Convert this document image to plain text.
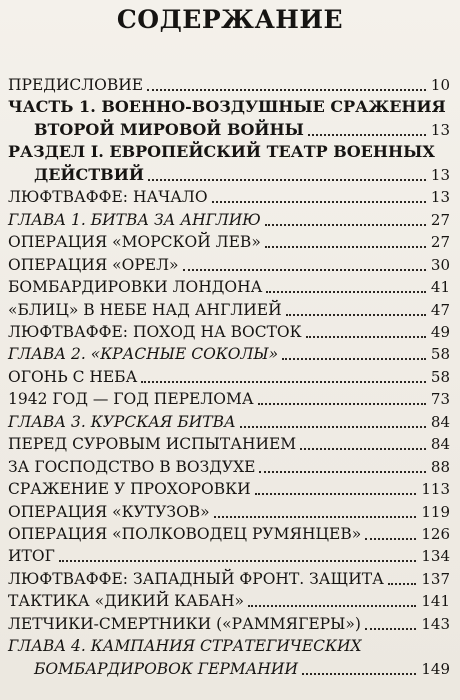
СОДЕРЖАНИЕ
ПРЕДИСЛОВИЕ	10
ЧАСТЬ 1. ВОЕННО-ВОЗДУШНЫЕ СРАЖЕНИЯ
ВТОРОЙ МИРОВОЙ ВОЙНЫ	13
РАЗДЕЛ I. ЕВРОПЕЙСКИЙ ТЕАТР ВОЕННЫХ
ДЕЙСТВИЙ	13
ЛЮФТВАФФЕ: НАЧАЛО	13
ГЛАВА 1. БИТВА ЗА АНГЛИЮ	27
ОПЕРАЦИЯ «МОРСКОЙ ЛЕВ»	27
ОПЕРАЦИЯ «ОРЕЛ»	30
БОМБАРДИРОВКИ ЛОНДОНА	41
«БЛИЦ» В НЕБЕ НАД АНГЛИЕЙ	47
ЛЮФТВАФФЕ: ПОХОД НА ВОСТОК	49
ГЛАВА 2. «КРАСНЫЕ СОКОЛЫ»	58
ОГОНЬ С НЕБА	58
1942 ГОД — ГОД ПЕРЕЛОМА	73
ГЛАВА 3. КУРСКАЯ БИТВА	84
ПЕРЕД СУРОВЫМ ИСПЫТАНИЕМ	84
ЗА ГОСПОДСТВО В ВОЗДУХЕ	88
СРАЖЕНИЕ У ПРОХОРОВКИ	113
ОПЕРАЦИЯ «КУТУЗОВ»	119
ОПЕРАЦИЯ «ПОЛКОВОДЕЦ РУМЯНЦЕВ»	126
ИТОГ	134
ЛЮФТВАФФЕ: ЗАПАДНЫЙ ФРОНТ. ЗАЩИТА	137
ТАКТИКА «ДИКИЙ КАБАН»	141
ЛЕТЧИКИ-СМЕРТНИКИ («РАММЯГЕРЫ»)	143
ГЛАВА 4. КАМПАНИЯ СТРАТЕГИЧЕСКИХ
БОМБАРДИРОВОК ГЕРМАНИИ	149
